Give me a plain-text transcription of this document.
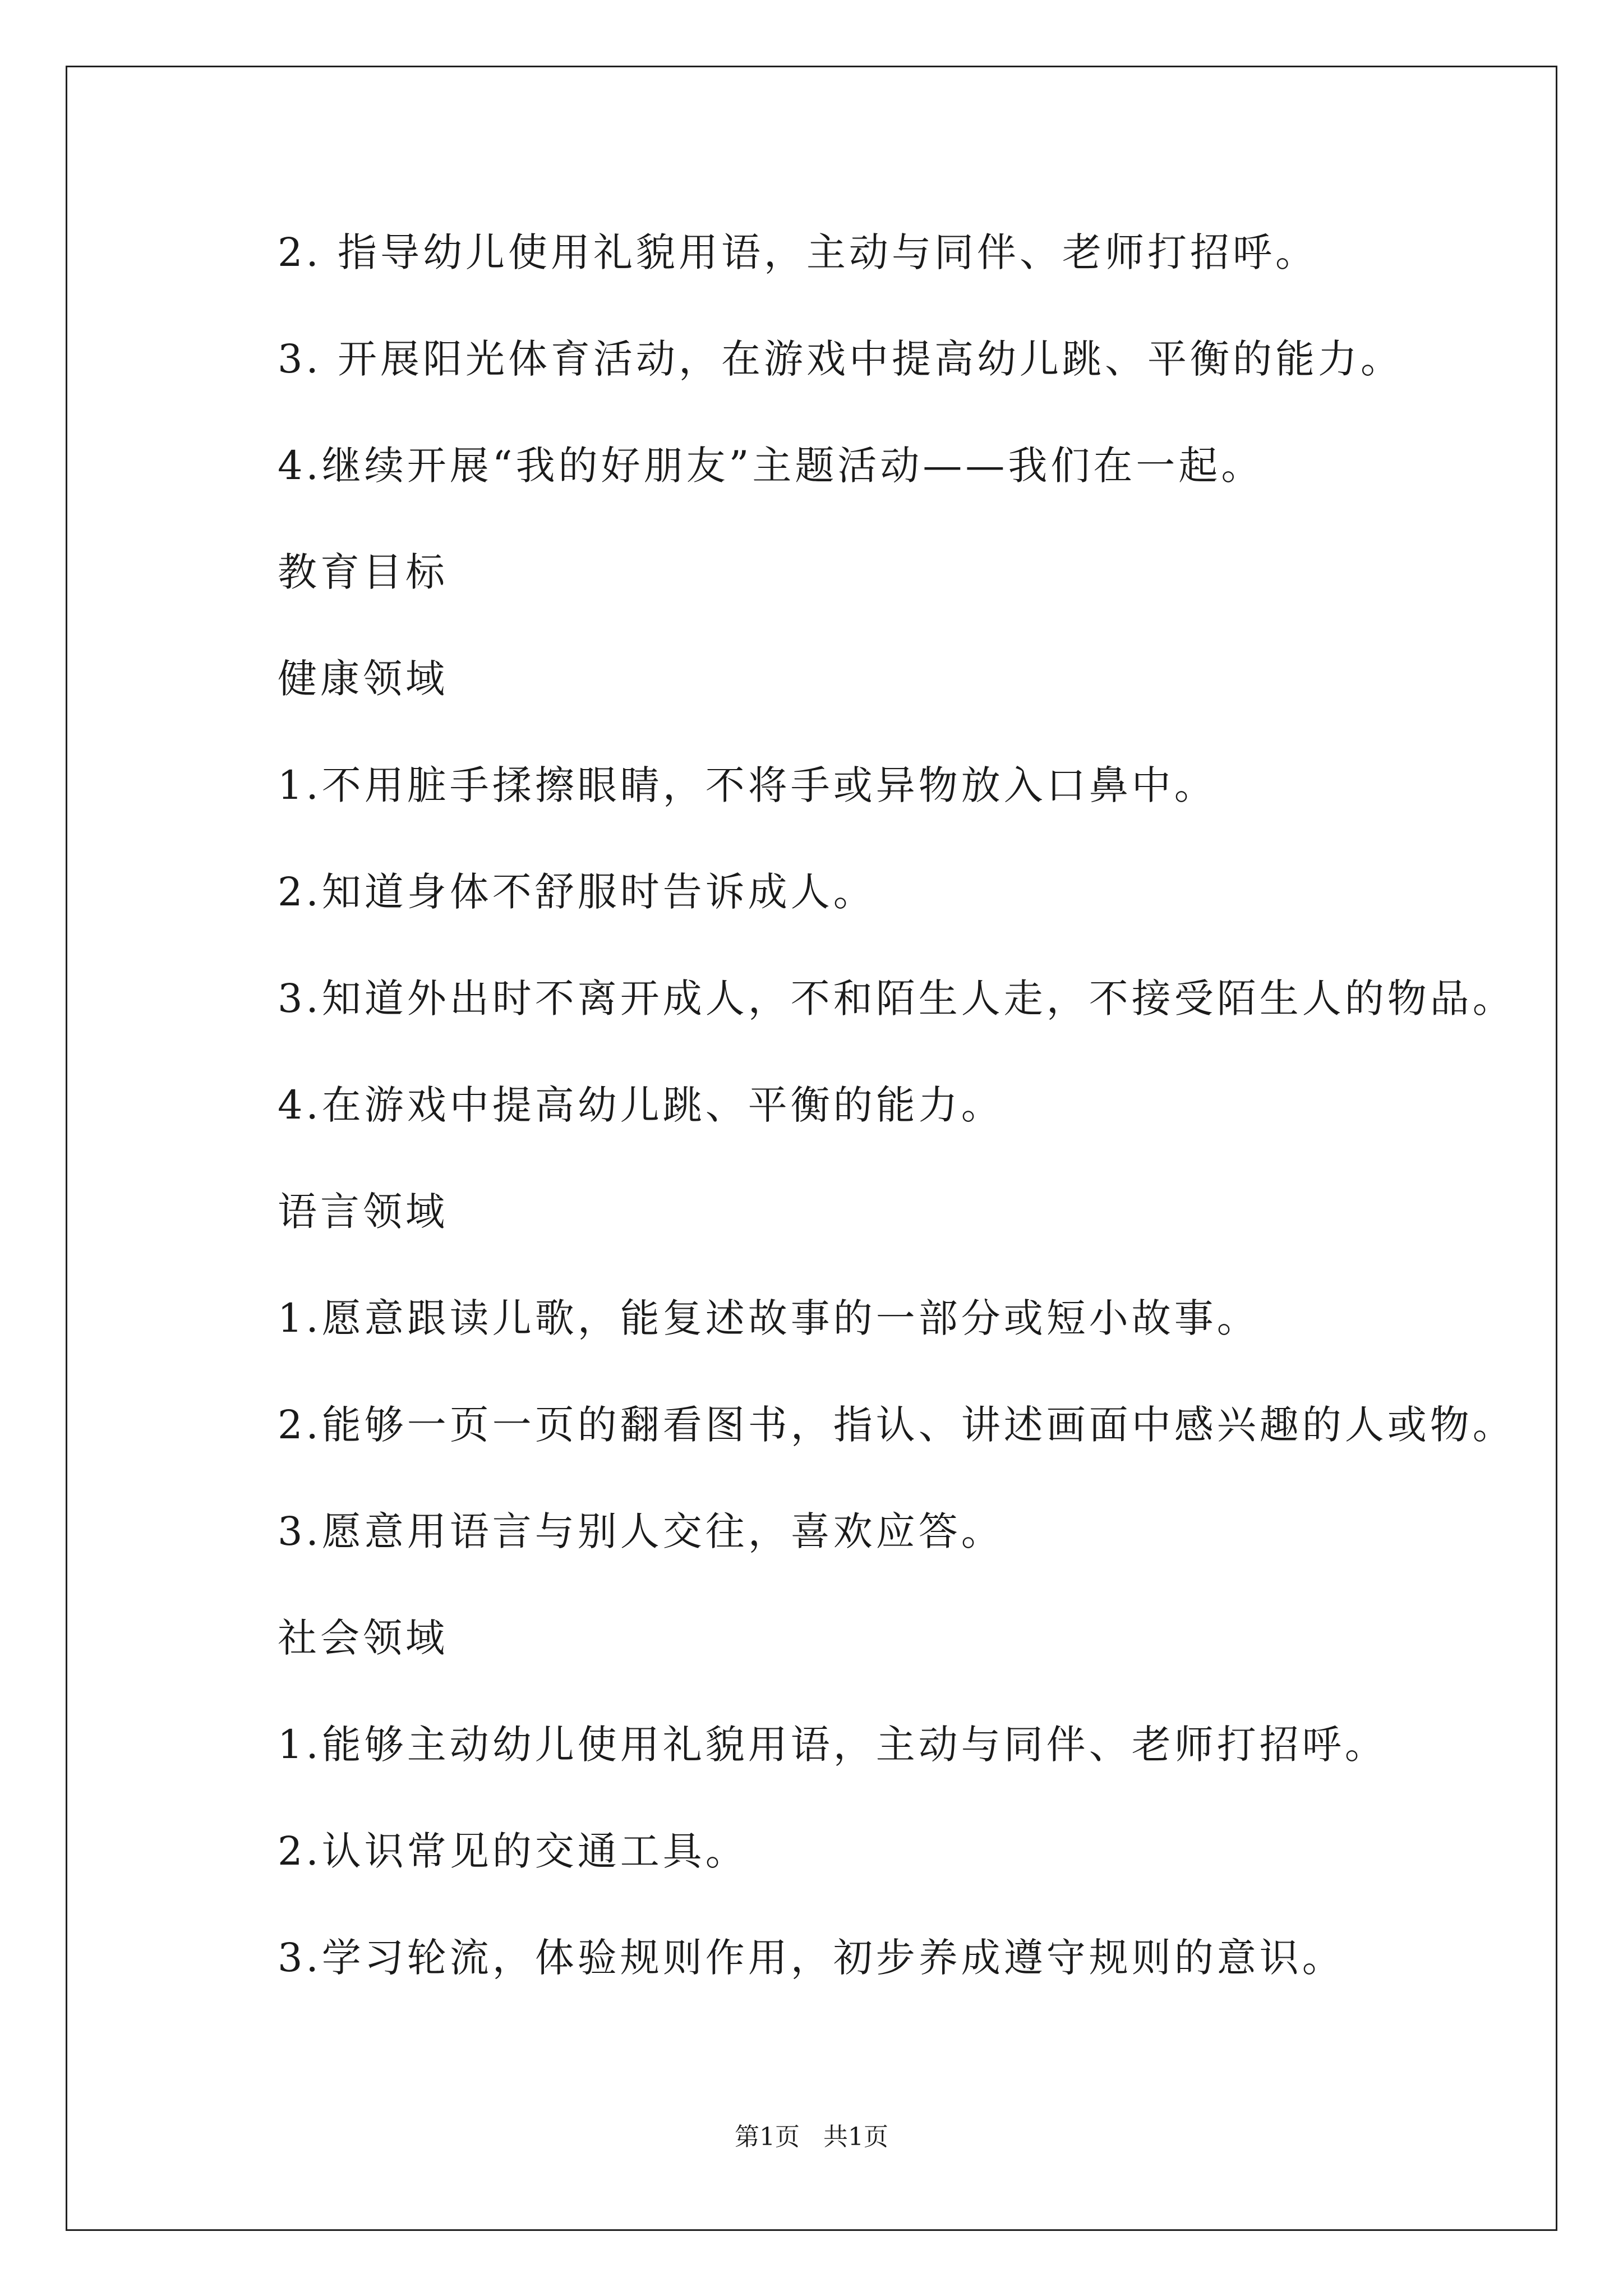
2. 指导幼儿使用礼貌用语，主动与同伴、老师打招呼。

3. 开展阳光体育活动，在游戏中提高幼儿跳、平衡的能力。

4.继续开展“我的好朋友”主题活动——我们在一起。

教育目标

健康领域

1.不用脏手揉擦眼睛，不将手或异物放入口鼻中。

2.知道身体不舒服时告诉成人。

3.知道外出时不离开成人，不和陌生人走，不接受陌生人的物品。

4.在游戏中提高幼儿跳、平衡的能力。

语言领域

1.愿意跟读儿歌，能复述故事的一部分或短小故事。

2.能够一页一页的翻看图书，指认、讲述画面中感兴趣的人或物。

3.愿意用语言与别人交往，喜欢应答。

社会领域

1.能够主动幼儿使用礼貌用语，主动与同伴、老师打招呼。

2.认识常见的交通工具。

3.学习轮流，体验规则作用，初步养成遵守规则的意识。

第1页   共1页
